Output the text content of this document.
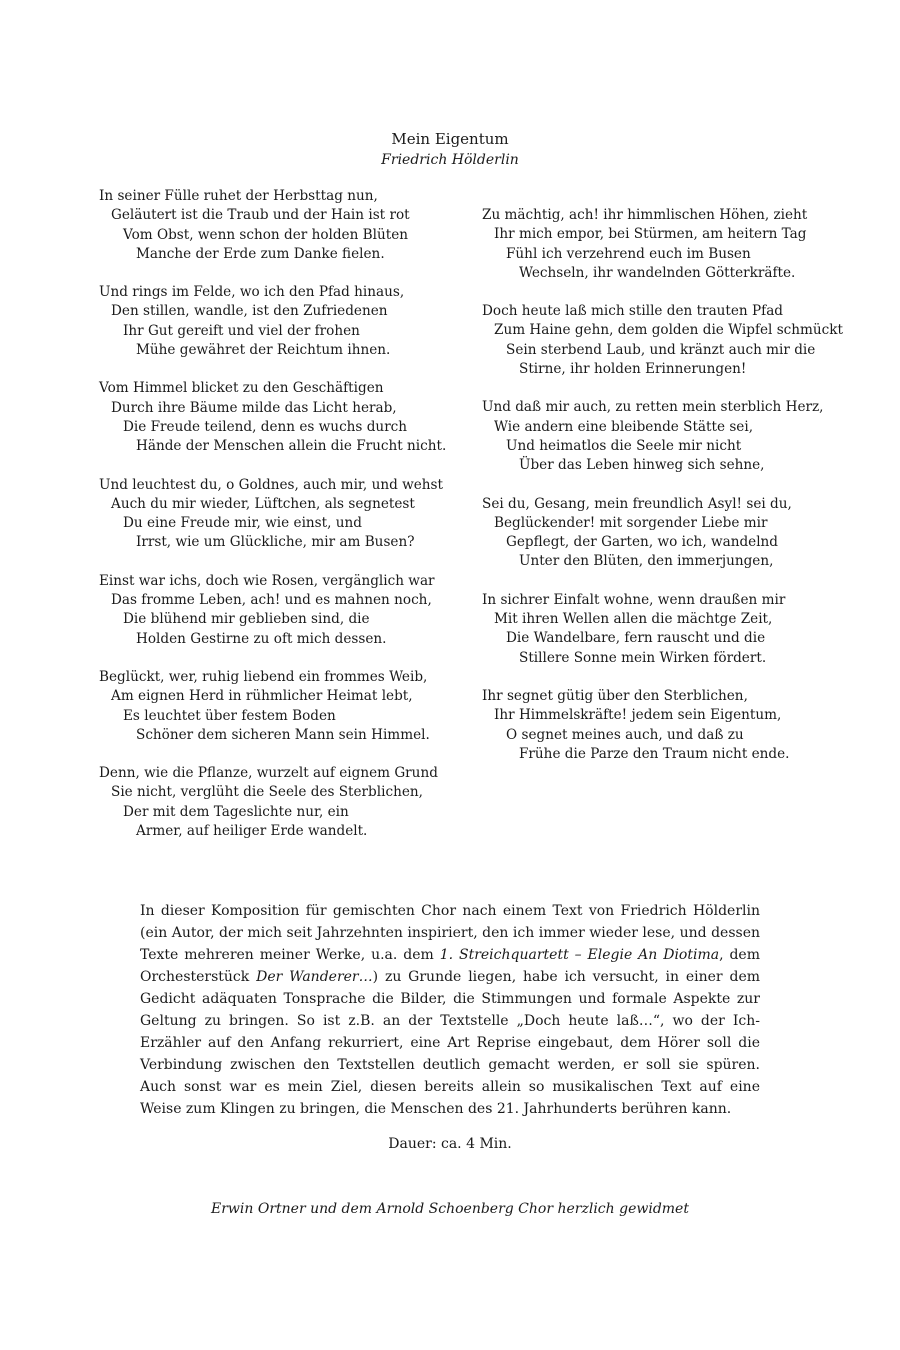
Mein Eigentum
Friedrich Hölderlin
In seiner Fülle ruhet der Herbsttag nun,
Geläutert ist die Traub und der Hain ist rot
Vom Obst, wenn schon der holden Blüten
Manche der Erde zum Danke fielen.
Und rings im Felde, wo ich den Pfad hinaus,
Den stillen, wandle, ist den Zufriedenen
Ihr Gut gereift und viel der frohen
Mühe gewähret der Reichtum ihnen.
Vom Himmel blicket zu den Geschäftigen
Durch ihre Bäume milde das Licht herab,
Die Freude teilend, denn es wuchs durch
Hände der Menschen allein die Frucht nicht.
Und leuchtest du, o Goldnes, auch mir, und wehst
Auch du mir wieder, Lüftchen, als segnetest
Du eine Freude mir, wie einst, und
Irrst, wie um Glückliche, mir am Busen?
Einst war ichs, doch wie Rosen, vergänglich war
Das fromme Leben, ach! und es mahnen noch,
Die blühend mir geblieben sind, die
Holden Gestirne zu oft mich dessen.
Beglückt, wer, ruhig liebend ein frommes Weib,
Am eignen Herd in rühmlicher Heimat lebt,
Es leuchtet über festem Boden
Schöner dem sicheren Mann sein Himmel.
Denn, wie die Pflanze, wurzelt auf eignem Grund
Sie nicht, verglüht die Seele des Sterblichen,
Der mit dem Tageslichte nur, ein
Armer, auf heiliger Erde wandelt.
Zu mächtig, ach! ihr himmlischen Höhen, zieht
Ihr mich empor, bei Stürmen, am heitern Tag
Fühl ich verzehrend euch im Busen
Wechseln, ihr wandelnden Götterkräfte.
Doch heute laß mich stille den trauten Pfad
Zum Haine gehn, dem golden die Wipfel schmückt
Sein sterbend Laub, und kränzt auch mir die
Stirne, ihr holden Erinnerungen!
Und daß mir auch, zu retten mein sterblich Herz,
Wie andern eine bleibende Stätte sei,
Und heimatlos die Seele mir nicht
Über das Leben hinweg sich sehne,
Sei du, Gesang, mein freundlich Asyl! sei du,
Beglückender! mit sorgender Liebe mir
Gepflegt, der Garten, wo ich, wandelnd
Unter den Blüten, den immerjungen,
In sichrer Einfalt wohne, wenn draußen mir
Mit ihren Wellen allen die mächtge Zeit,
Die Wandelbare, fern rauscht und die
Stillere Sonne mein Wirken fördert.
Ihr segnet gütig über den Sterblichen,
Ihr Himmelskräfte! jedem sein Eigentum,
O segnet meines auch, und daß zu
Frühe die Parze den Traum nicht ende.
In dieser Komposition für gemischten Chor nach einem Text von Friedrich Hölderlin (ein Autor, der mich seit Jahrzehnten inspiriert, den ich immer wieder lese, und dessen Texte mehreren meiner Werke, u.a. dem 1. Streichquartett – Elegie An Diotima, dem Orchesterstück Der Wanderer…) zu Grunde liegen, habe ich versucht, in einer dem Gedicht adäquaten Tonsprache die Bilder, die Stimmungen und formale Aspekte zur Geltung zu bringen. So ist z.B. an der Textstelle „Doch heute laß…“, wo der Ich-Erzähler auf den Anfang rekurriert, eine Art Reprise eingebaut, dem Hörer soll die Verbindung zwischen den Textstellen deutlich gemacht werden, er soll sie spüren. Auch sonst war es mein Ziel, diesen bereits allein so musikalischen Text auf eine Weise zum Klingen zu bringen, die Menschen des 21. Jahrhunderts berühren kann.
Dauer: ca. 4 Min.
Erwin Ortner und dem Arnold Schoenberg Chor herzlich gewidmet
